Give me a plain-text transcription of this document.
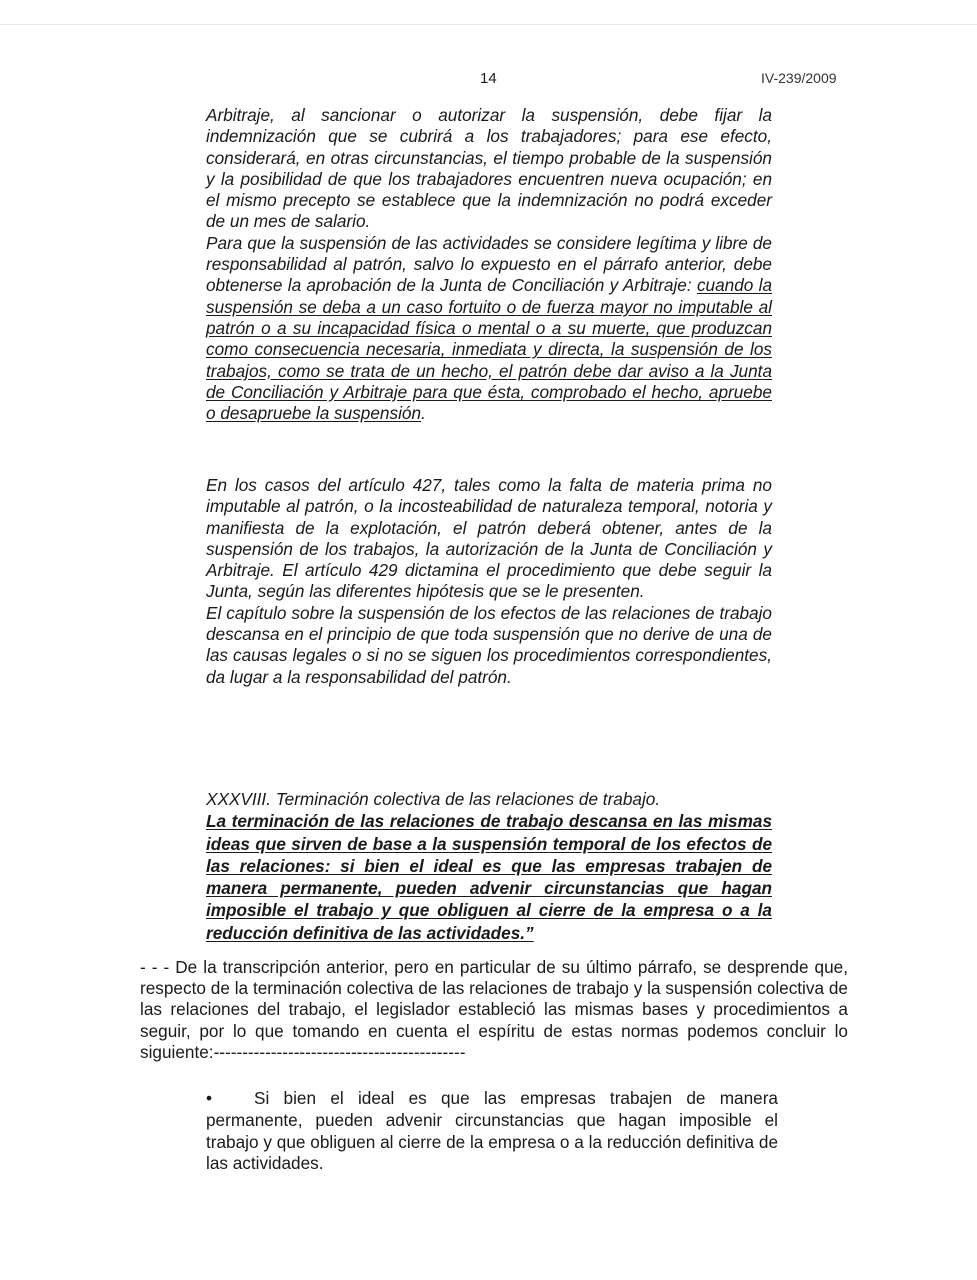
14	IV-239/2009

Arbitraje, al sancionar o autorizar la suspensión, debe fijar la indemnización que se cubrirá a los trabajadores; para ese efecto, considerará, en otras circunstancias, el tiempo probable de la suspensión y la posibilidad de que los trabajadores encuentren nueva ocupación; en el mismo precepto se establece que la indemnización no podrá exceder de un mes de salario.

Para que la suspensión de las actividades se considere legítima y libre de responsabilidad al patrón, salvo lo expuesto en el párrafo anterior, debe obtenerse la aprobación de la Junta de Conciliación y Arbitraje: cuando la suspensión se deba a un caso fortuito o de fuerza mayor no imputable al patrón o a su incapacidad física o mental o a su muerte, que produzcan como consecuencia necesaria, inmediata y directa, la suspensión de los trabajos, como se trata de un hecho, el patrón debe dar aviso a la Junta de Conciliación y Arbitraje para que ésta, comprobado el hecho, apruebe o desapruebe la suspensión.

En los casos del artículo 427, tales como la falta de materia prima no imputable al patrón, o la incosteabilidad de naturaleza temporal, notoria y manifiesta de la explotación, el patrón deberá obtener, antes de la suspensión de los trabajos, la autorización de la Junta de Conciliación y Arbitraje. El artículo 429 dictamina el procedimiento que debe seguir la Junta, según las diferentes hipótesis que se le presenten.

El capítulo sobre la suspensión de los efectos de las relaciones de trabajo descansa en el principio de que toda suspensión que no derive de una de las causas legales o si no se siguen los procedimientos correspondientes, da lugar a la responsabilidad del patrón.

XXXVIII. Terminación colectiva de las relaciones de trabajo.

La terminación de las relaciones de trabajo descansa en las mismas ideas que sirven de base a la suspensión temporal de los efectos de las relaciones: si bien el ideal es que las empresas trabajen de manera permanente, pueden advenir circunstancias que hagan imposible el trabajo y que obliguen al cierre de la empresa o a la reducción definitiva de las actividades.”

- - - De la transcripción anterior, pero en particular de su último párrafo, se desprende que, respecto de la terminación colectiva de las relaciones de trabajo y la suspensión colectiva de las relaciones del trabajo, el legislador estableció las mismas bases y procedimientos a seguir, por lo que tomando en cuenta el espíritu de estas normas podemos concluir lo siguiente:--------------------------------------------

•	Si bien el ideal es que las empresas trabajen de manera permanente, pueden advenir circunstancias que hagan imposible el trabajo y que obliguen al cierre de la empresa o a la reducción definitiva de las actividades.
